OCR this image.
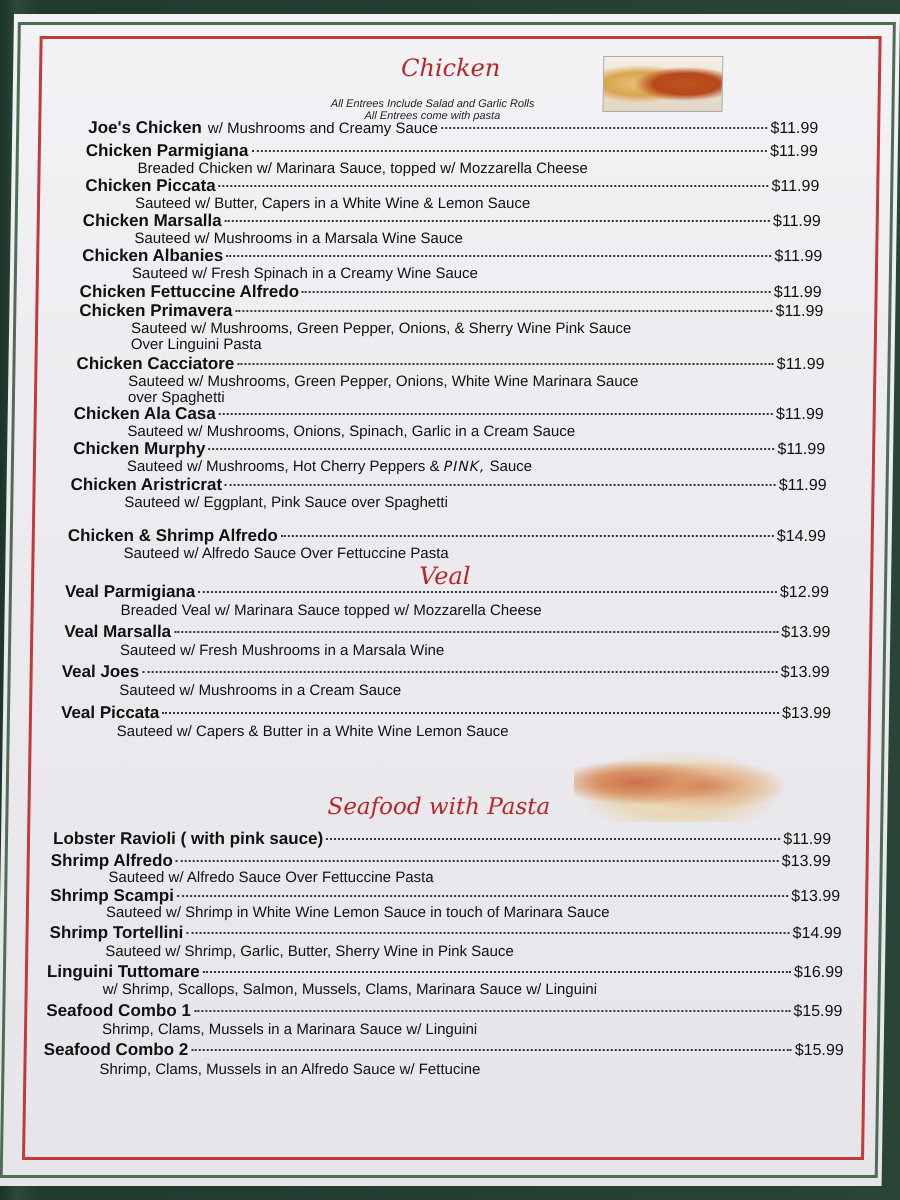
Chicken
All Entrees Include Salad and Garlic Rolls
All Entrees come with pasta
Joe's Chicken w/ Mushrooms and Creamy Sauce	$11.99
Chicken Parmigiana	$11.99
Breaded Chicken w/ Marinara Sauce, topped w/ Mozzarella Cheese
Chicken Piccata	$11.99
Sauteed w/ Butter, Capers in a White Wine & Lemon Sauce
Chicken Marsalla	$11.99
Sauteed w/ Mushrooms in a Marsala Wine Sauce
Chicken Albanies	$11.99
Sauteed w/ Fresh Spinach in a Creamy Wine Sauce
Chicken Fettuccine Alfredo	$11.99
Chicken Primavera	$11.99
Sauteed w/ Mushrooms, Green Pepper, Onions, & Sherry Wine Pink Sauce
Over Linguini Pasta
Chicken Cacciatore	$11.99
Sauteed w/ Mushrooms, Green Pepper, Onions, White Wine Marinara Sauce
over Spaghetti
Chicken Ala Casa	$11.99
Sauteed w/ Mushrooms, Onions, Spinach, Garlic in a Cream Sauce
Chicken Murphy	$11.99
Sauteed w/ Mushrooms, Hot Cherry Peppers & PINK, Sauce
Chicken Aristricrat	$11.99
Sauteed w/ Eggplant, Pink Sauce over Spaghetti
Chicken & Shrimp Alfredo	$14.99
Sauteed w/ Alfredo Sauce Over Fettuccine Pasta
Veal
Veal Parmigiana	$12.99
Breaded Veal w/ Marinara Sauce topped w/ Mozzarella Cheese
Veal Marsalla	$13.99
Sauteed w/ Fresh Mushrooms in a Marsala Wine
Veal Joes	$13.99
Sauteed w/ Mushrooms in a Cream Sauce
Veal Piccata	$13.99
Sauteed w/ Capers & Butter in a White Wine Lemon Sauce
Seafood with Pasta
Lobster Ravioli ( with pink sauce)	$11.99
Shrimp Alfredo	$13.99
Sauteed w/ Alfredo Sauce Over Fettuccine Pasta
Shrimp Scampi	$13.99
Sauteed w/ Shrimp in White Wine Lemon Sauce in touch of Marinara Sauce
Shrimp Tortellini	$14.99
Sauteed w/ Shrimp, Garlic, Butter, Sherry Wine in Pink Sauce
Linguini Tuttomare	$16.99
w/ Shrimp, Scallops, Salmon, Mussels, Clams, Marinara Sauce w/ Linguini
Seafood Combo 1	$15.99
Shrimp, Clams, Mussels in a Marinara Sauce w/ Linguini
Seafood Combo 2	$15.99
Shrimp, Clams, Mussels in an Alfredo Sauce w/ Fettucine
